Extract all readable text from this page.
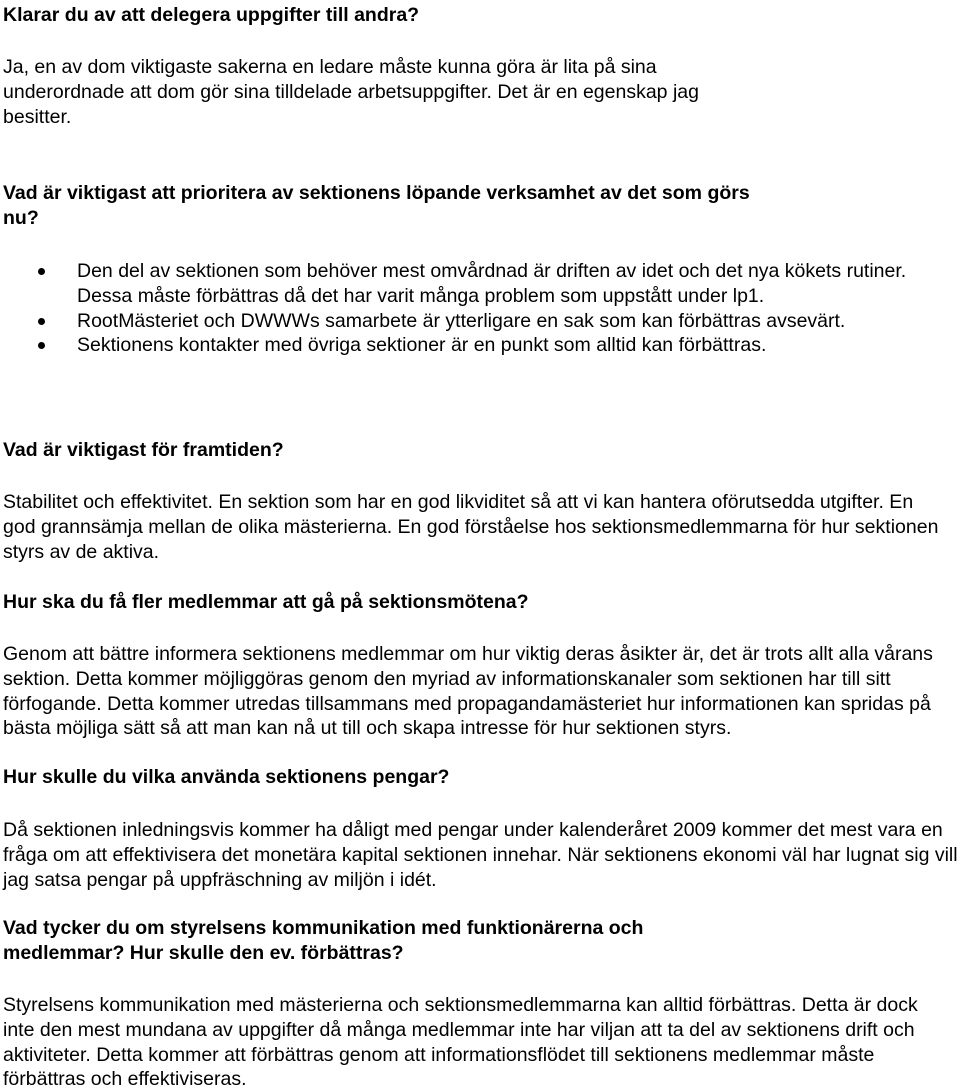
Klarar du av att delegera uppgifter till andra?

Ja, en av dom viktigaste sakerna en ledare måste kunna göra är lita på sina underordnade att dom gör sina tilldelade arbetsuppgifter. Det är en egenskap jag besitter.

Vad är viktigast att prioritera av sektionens löpande verksamhet av det som görs nu?

Den del av sektionen som behöver mest omvårdnad är driften av idet och det nya kökets rutiner. Dessa måste förbättras då det har varit många problem som uppstått under lp1.
RootMästeriet och DWWWs samarbete är ytterligare en sak som kan förbättras avsevärt.
Sektionens kontakter med övriga sektioner är en punkt som alltid kan förbättras.

Vad är viktigast för framtiden?

Stabilitet och effektivitet. En sektion som har en god likviditet så att vi kan hantera oförutsedda utgifter. En god grannsämja mellan de olika mästerierna. En god förståelse hos sektionsmedlemmarna för hur sektionen styrs av de aktiva.

Hur ska du få fler medlemmar att gå på sektionsmötena?

Genom att bättre informera sektionens medlemmar om hur viktig deras åsikter är, det är trots allt alla vårans sektion. Detta kommer möjliggöras genom den myriad av informationskanaler som sektionen har till sitt förfogande. Detta kommer utredas tillsammans med propagandamästeriet hur informationen kan spridas på bästa möjliga sätt så att man kan nå ut till och skapa intresse för hur sektionen styrs.

Hur skulle du vilka använda sektionens pengar?

Då sektionen inledningsvis kommer ha dåligt med pengar under kalenderåret 2009 kommer det mest vara en fråga om att effektivisera det monetära kapital sektionen innehar. När sektionens ekonomi väl har lugnat sig vill jag satsa pengar på uppfräschning av miljön i idét.

Vad tycker du om styrelsens kommunikation med funktionärerna och medlemmar? Hur skulle den ev. förbättras?

Styrelsens kommunikation med mästerierna och sektionsmedlemmarna kan alltid förbättras. Detta är dock inte den mest mundana av uppgifter då många medlemmar inte har viljan att ta del av sektionens drift och aktiviteter. Detta kommer att förbättras genom att informationsflödet till sektionens medlemmar måste förbättras och effektiviseras.
